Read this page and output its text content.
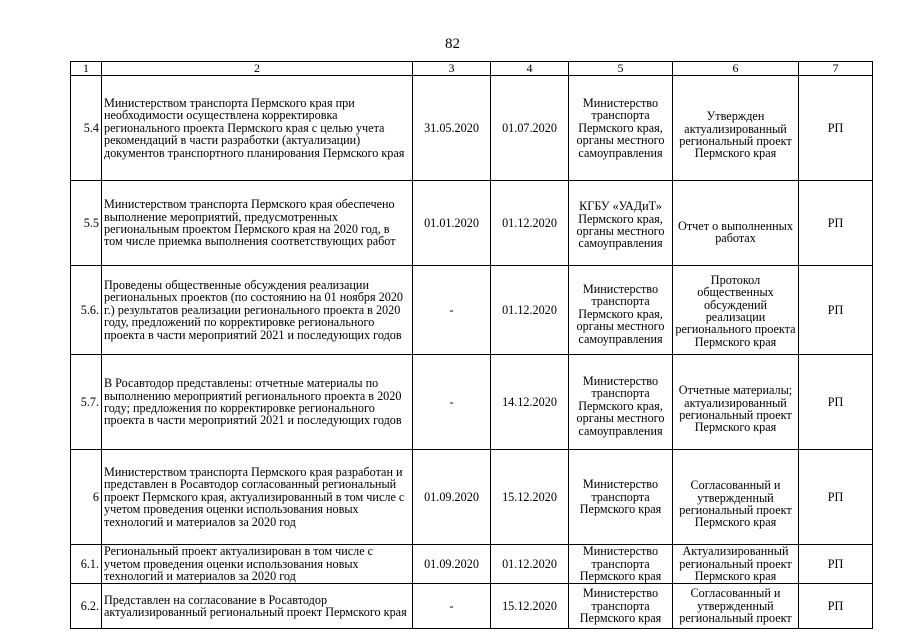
82
1	2	3	4	5	6	7
5.4	Министерством транспорта Пермского края при необходимости осуществлена корректировка регионального проекта Пермского края с целью учета рекомендаций в части разработки (актуализации) документов транспортного планирования Пермского края	31.05.2020	01.07.2020	Министерство транспорта Пермского края, органы местного самоуправления	Утвержден актуализированный региональный проект Пермского края	РП
5.5	Министерством транспорта Пермского края обеспечено выполнение мероприятий, предусмотренных региональным проектом Пермского края на 2020 год, в том числе приемка выполнения соответствующих работ	01.01.2020	01.12.2020	КГБУ «УАДиТ» Пермского края, органы местного самоуправления	Отчет о выполненных работах	РП
5.6.	Проведены общественные обсуждения реализации региональных проектов (по состоянию на 01 ноября 2020 г.) результатов реализации регионального проекта в 2020 году, предложений по корректировке регионального проекта в части мероприятий 2021 и последующих годов	-	01.12.2020	Министерство транспорта Пермского края, органы местного самоуправления	Протокол общественных обсуждений реализации регионального проекта Пермского края	РП
5.7.	В Росавтодор представлены: отчетные материалы по выполнению мероприятий регионального проекта в 2020 году; предложения по корректировке регионального проекта в части мероприятий 2021 и последующих годов	-	14.12.2020	Министерство транспорта Пермского края, органы местного самоуправления	Отчетные материалы; актуализированный региональный проект Пермского края	РП
6	Министерством транспорта Пермского края разработан и представлен в Росавтодор согласованный региональный проект Пермского края, актуализированный в том числе с учетом проведения оценки использования новых технологий и материалов за 2020 год	01.09.2020	15.12.2020	Министерство транспорта Пермского края	Согласованный и утвержденный региональный проект Пермского края	РП
6.1.	Региональный проект актуализирован в том числе с учетом проведения оценки использования новых технологий и материалов за 2020 год	01.09.2020	01.12.2020	Министерство транспорта Пермского края	Актуализированный региональный проект Пермского края	РП
6.2.	Представлен на согласование в Росавтодор актуализированный региональный проект Пермского края	-	15.12.2020	Министерство транспорта Пермского края	Согласованный и утвержденный региональный проект	РП
